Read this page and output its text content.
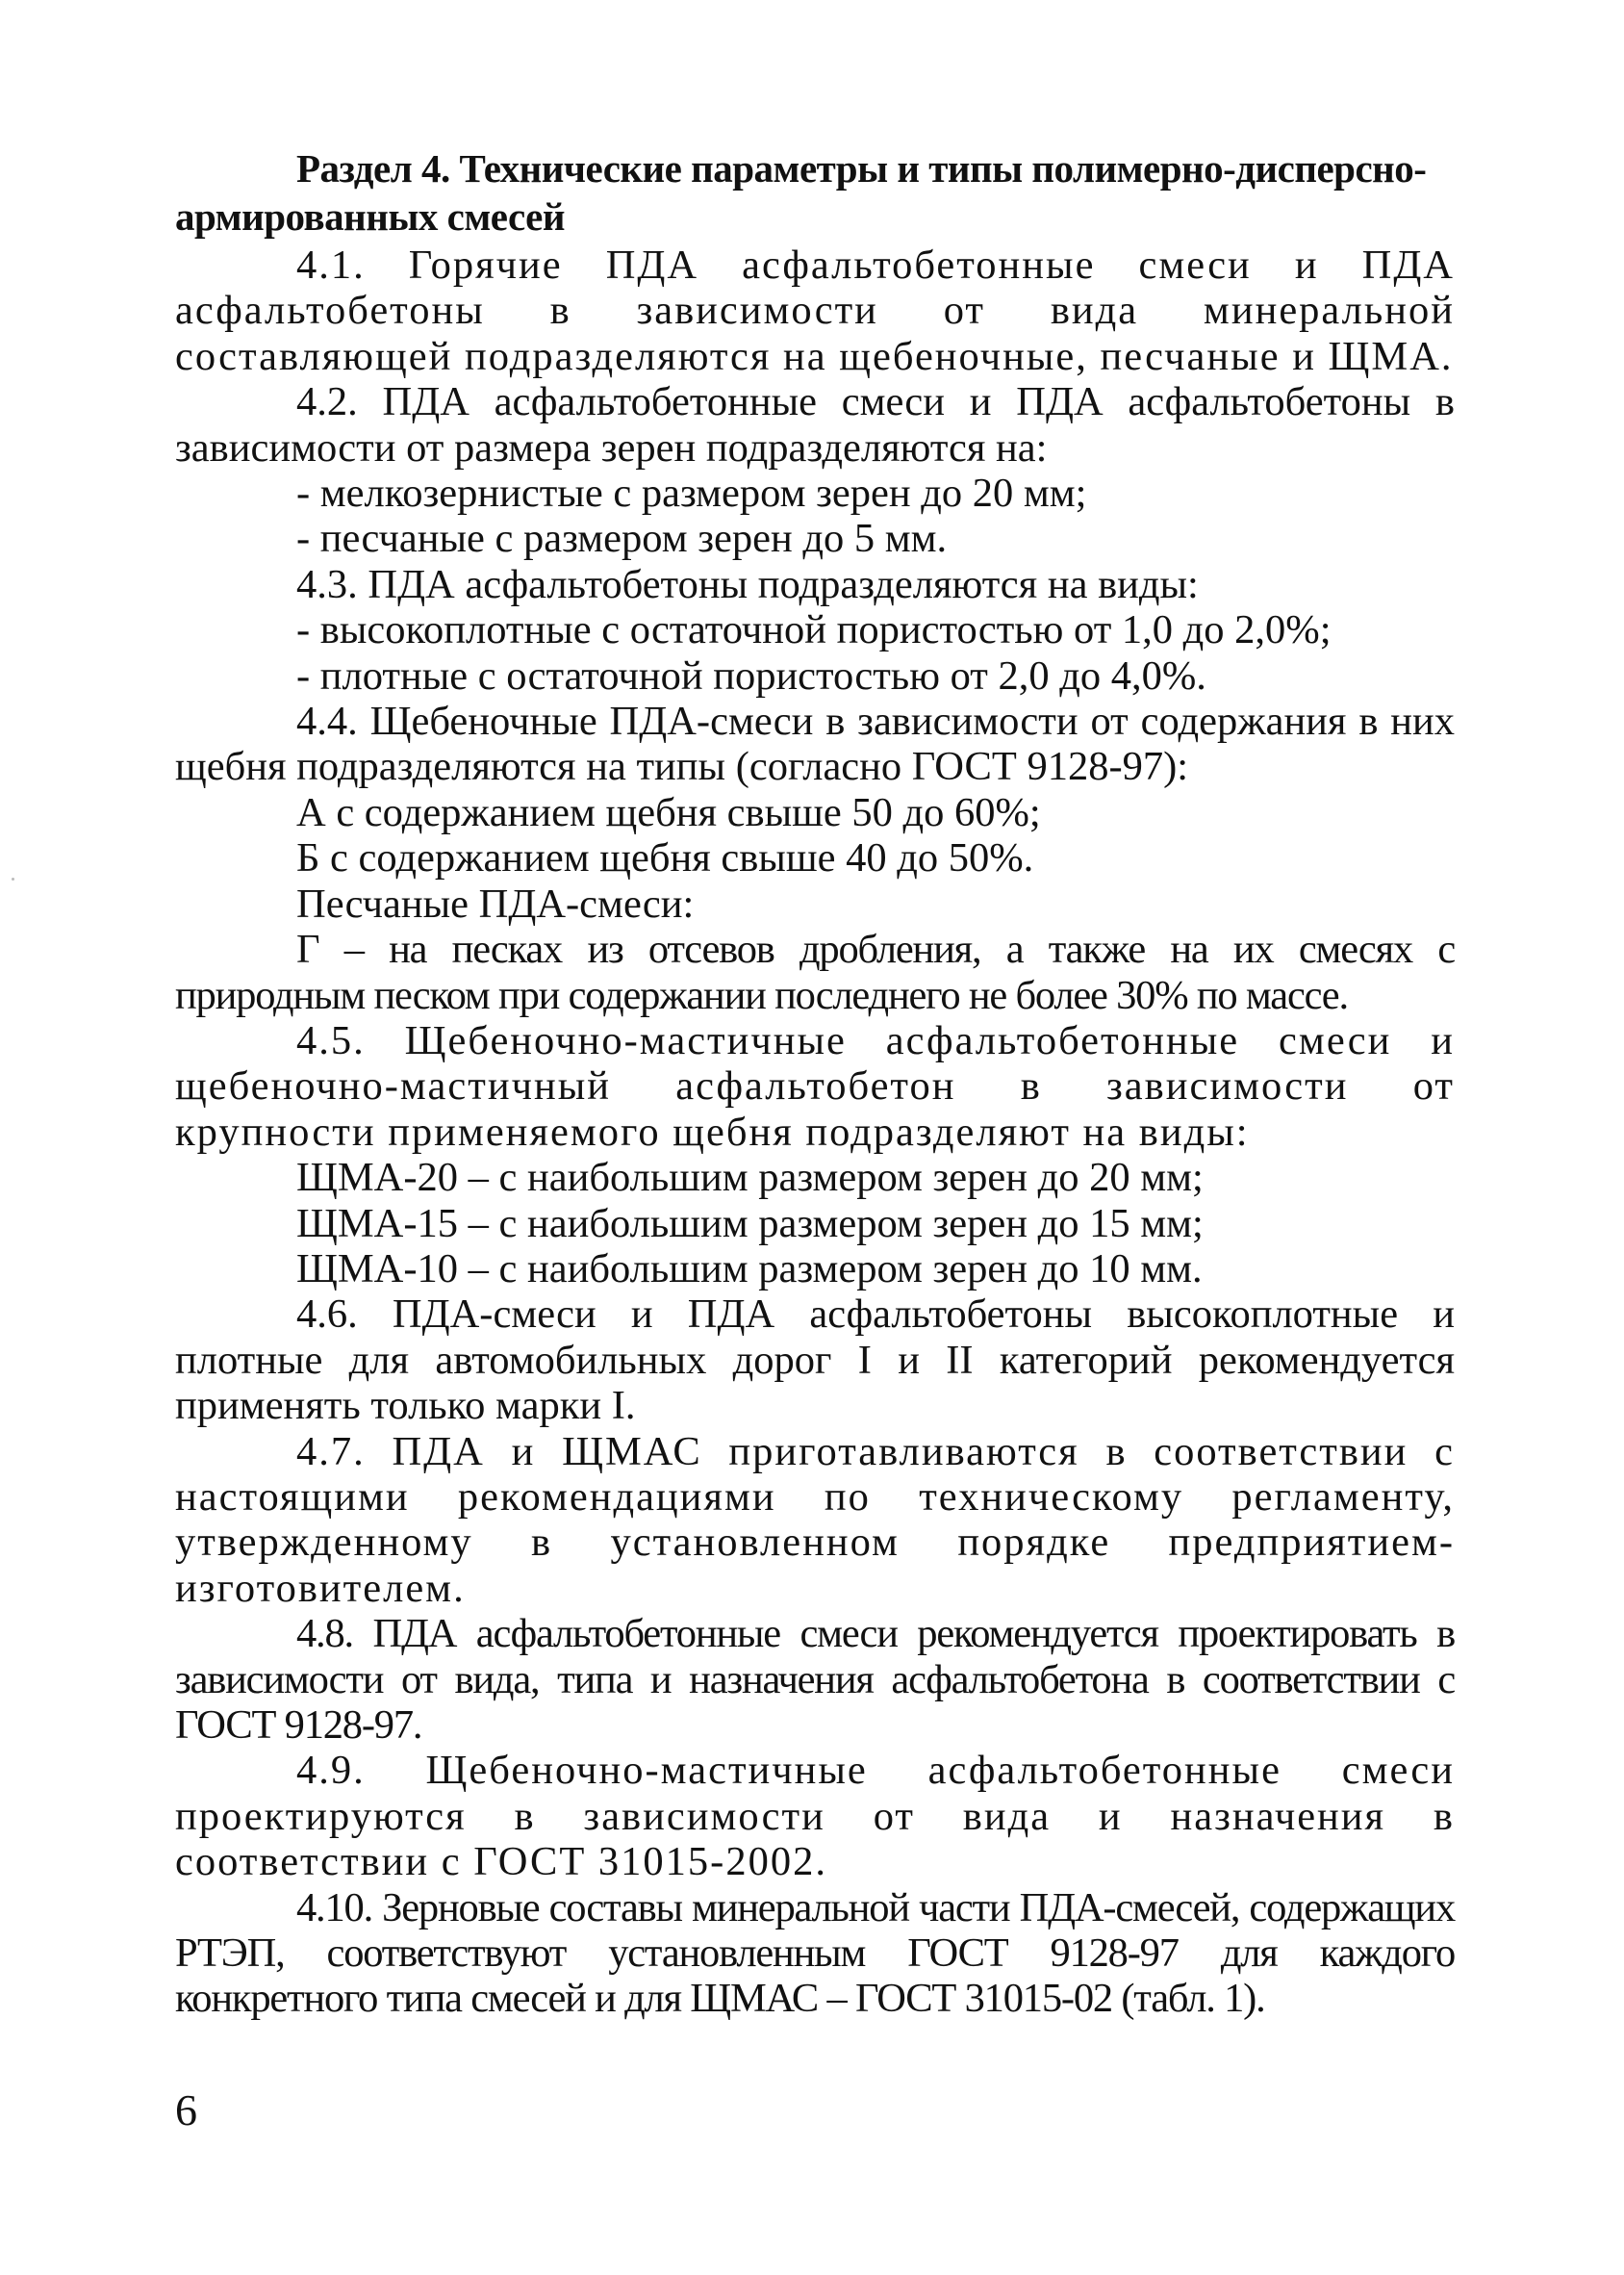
Раздел 4. Технические параметры и типы полимерно-дисперсно-
армированных смесей

4.1. Горячие ПДА асфальтобетонные смеси и ПДА асфальтобетоны в зависимости от вида минеральной составляющей подразделяются на щебеночные, песчаные и ЩМА.

4.2. ПДА асфальтобетонные смеси и ПДА асфальтобетоны в зависимости от размера зерен подразделяются на:

- мелкозернистые с размером зерен до 20 мм;

- песчаные с размером зерен до 5 мм.

4.3. ПДА асфальтобетоны подразделяются на виды:

- высокоплотные с остаточной пористостью от 1,0 до 2,0%;

- плотные с остаточной пористостью от 2,0 до 4,0%.

4.4. Щебеночные ПДА-смеси в зависимости от содержания в них щебня подразделяются на типы (согласно ГОСТ 9128-97):

А с содержанием щебня свыше 50 до 60%;

Б с содержанием щебня свыше 40 до 50%.

Песчаные ПДА-смеси:

Г – на песках из отсевов дробления, а также на их смесях с природным песком при содержании последнего не более 30% по массе.

4.5. Щебеночно-мастичные асфальтобетонные смеси и щебеночно-мастичный асфальтобетон в зависимости от крупности применяемого щебня подразделяют на виды:

ЩМА-20 – с наибольшим размером зерен до 20 мм;

ЩМА-15 – с наибольшим размером зерен до 15 мм;

ЩМА-10 – с наибольшим размером зерен до 10 мм.

4.6. ПДА-смеси и ПДА асфальтобетоны высокоплотные и плотные для автомобильных дорог I и II категорий рекомендуется применять только марки I.

4.7. ПДА и ЩМАС приготавливаются в соответствии с настоящими рекомендациями по техническому регламенту, утвержденному в установленном порядке предприятием-изготовителем.

4.8. ПДА асфальтобетонные смеси рекомендуется проектировать в зависимости от вида, типа и назначения асфальтобетона в соответствии с ГОСТ 9128-97.

4.9. Щебеночно-мастичные асфальтобетонные смеси проектируются в зависимости от вида и назначения в соответствии с ГОСТ 31015-2002.

4.10. Зерновые составы минеральной части ПДА-смесей, содержащих РТЭП, соответствуют установленным ГОСТ 9128-97 для каждого конкретного типа смесей и для ЩМАС – ГОСТ 31015-02 (табл. 1).

6
